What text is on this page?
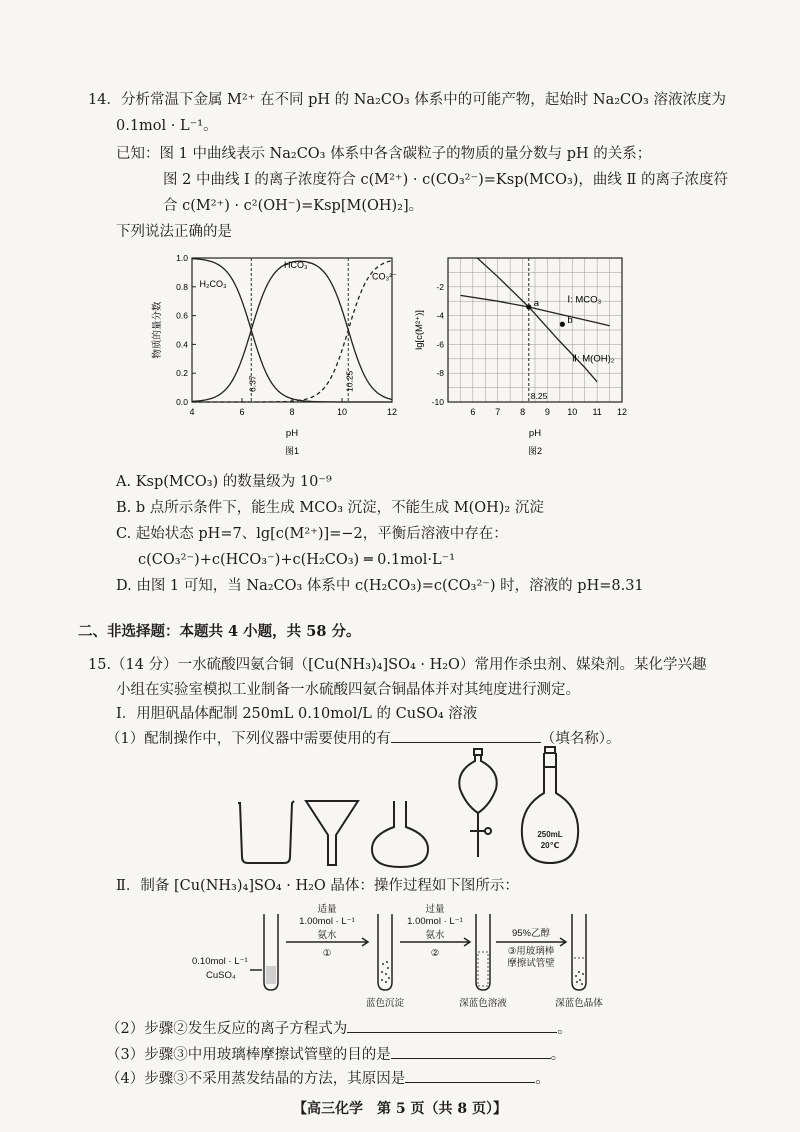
14．分析常温下金属 M²⁺ 在不同 pH 的 Na₂CO₃ 体系中的可能产物，起始时 Na₂CO₃ 溶液浓度为
0.1mol · L⁻¹。
已知：图 1 中曲线表示 Na₂CO₃ 体系中各含碳粒子的物质的量分数与 pH 的关系；
图 2 中曲线 Ⅰ 的离子浓度符合 c(M²⁺) · c(CO₃²⁻)=Ksp(MCO₃)，曲线 Ⅱ 的离子浓度符
合 c(M²⁺) · c²(OH⁻)=Ksp[M(OH)₂]。
下列说法正确的是
4	6	8	10	12
0.0
0.2
0.4
0.6
0.8
1.0
6.37	10.25
H₂CO₃
HCO₃⁻
CO₃²⁻
pH
物质的量分数
图1
6 7 8 9 10 11 12
-2
-4
-6
-8
-10
8.25
a
b
Ⅰ: MCO₃
Ⅱ: M(OH)₂
pH
lg[c(M²⁺)]
图2
A. Ksp(MCO₃) 的数量级为 10⁻⁹
B. b 点所示条件下，能生成 MCO₃ 沉淀，不能生成 M(OH)₂ 沉淀
C. 起始状态 pH=7、lg[c(M²⁺)]=−2，平衡后溶液中存在：
c(CO₃²⁻)+c(HCO₃⁻)+c(H₂CO₃) ═ 0.1mol·L⁻¹
D. 由图 1 可知，当 Na₂CO₃ 体系中 c(H₂CO₃)=c(CO₃²⁻) 时，溶液的 pH=8.31
二、非选择题：本题共 4 小题，共 58 分。
15.（14 分）一水硫酸四氨合铜（[Cu(NH₃)₄]SO₄ · H₂O）常用作杀虫剂、媒染剂。某化学兴趣
小组在实验室模拟工业制备一水硫酸四氨合铜晶体并对其纯度进行测定。
Ⅰ．用胆矾晶体配制 250mL 0.10mol/L 的 CuSO₄ 溶液
（1）配制操作中，下列仪器中需要使用的有	（填名称）。
250mL
20℃
Ⅱ．制备 [Cu(NH₃)₄]SO₄ · H₂O 晶体：操作过程如下图所示：
0.10mol · L⁻¹
CuSO₄
适量
1.00mol · L⁻¹
氨水
①
过量
1.00mol · L⁻¹
氨水
②
95%乙醇
③用玻璃棒
摩擦试管壁
蓝色沉淀	深蓝色溶液	深蓝色晶体
（2）步骤②发生反应的离子方程式为	。
（3）步骤③中用玻璃棒摩擦试管壁的目的是	。
（4）步骤③不采用蒸发结晶的方法，其原因是	。
【高三化学　第 5 页（共 8 页）】
